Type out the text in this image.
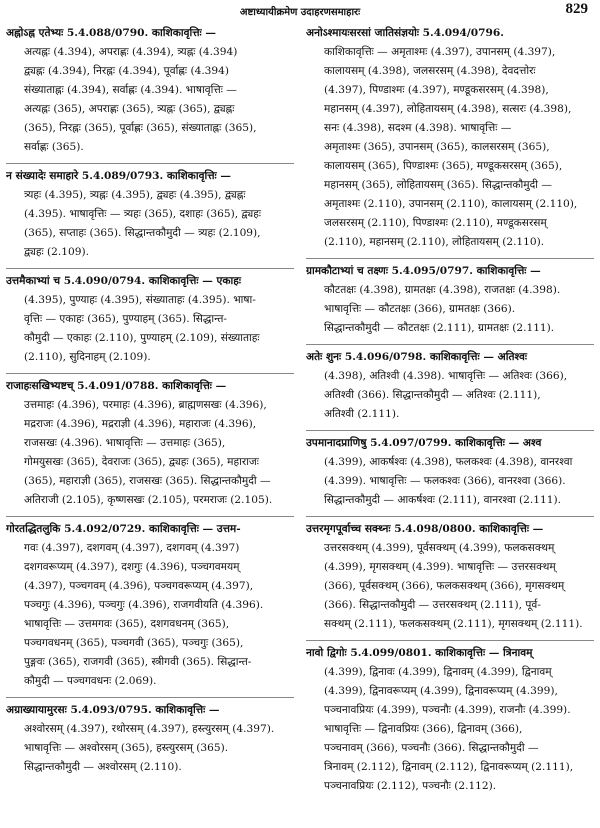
अष्टाध्यायीक्रमेण उदाहरणसमाहारः	829
अह्नोऽह्न एतेभ्यः 5.4.088/0790. काशिकावृत्तिः —
अत्यह्नः (4.394), अपराह्णः (4.394), त्र्यह्नः (4.394)
द्व्यह्नः (4.394), निरह्नः (4.394), पूर्वाह्णः (4.394)
संख्याताह्नः (4.394), सर्वाह्णः (4.394). भाषावृत्तिः —
अत्यह्नः (365), अपराह्णः (365), त्र्यह्नः (365), द्व्यह्नः
(365), निरह्नः (365), पूर्वाह्णः (365), संख्याताह्नः (365),
सर्वाह्णः (365).
न संख्यादेः समाहारे 5.4.089/0793. काशिकावृत्तिः —
त्र्यहः (4.395), त्र्यह्नः (4.395), द्व्यहः (4.395), द्व्यह्नः
(4.395). भाषावृत्तिः — त्र्यहः (365), दशाहः (365), द्व्यहः
(365), सप्ताहः (365). सिद्धान्तकौमुदी — त्र्यहः (2.109),
द्व्यहः (2.109).
उत्तमैकाभ्यां च 5.4.090/0794. काशिकावृत्तिः — एकाहः
(4.395), पुण्याहः (4.395), संख्याताहः (4.395). भाषा-
वृत्तिः — एकाहः (365), पुण्याहम् (365). सिद्धान्त-
कौमुदी — एकाहः (2.110), पुण्याहम् (2.109), संख्याताहः
(2.110), सुदिनाहम् (2.109).
राजाहःसखिभ्यष्टच् 5.4.091/0788. काशिकावृत्तिः —
उत्तमाहः (4.396), परमाहः (4.396), ब्राह्मणसखः (4.396),
मद्रराजः (4.396), मद्रराज्ञी (4.396), महाराजः (4.396),
राजसखः (4.396). भाषावृत्तिः — उत्तमाहः (365),
गोमयुसखः (365), देवराजः (365), द्व्यहः (365), महाराजः
(365), महाराज्ञी (365), राजसखः (365). सिद्धान्तकौमुदी —
अतिराजी (2.105), कृष्णसखः (2.105), परमराजः (2.105).
गोरतद्धितलुकि 5.4.092/0729. काशिकावृत्तिः — उत्तम-
गवः (4.397), दशगवम् (4.397), दशगवम् (4.397)
दशगवरूप्यम् (4.397), दशगुः (4.396), पञ्चगवमयम्
(4.397), पञ्चगवम् (4.396), पञ्चगवरूप्यम् (4.397),
पञ्चगुः (4.396), पञ्चगुः (4.396), राजगवीयति (4.396).
भाषावृत्तिः — उत्तमगवः (365), दशगवधनम् (365),
पञ्चगवधनम् (365), पञ्चगवी (365), पञ्चगुः (365),
पुङ्गवः (365), राजगवी (365), स्त्रीगवी (365). सिद्धान्त-
कौमुदी — पञ्चगवधनः (2.069).
अग्राख्यायामुरसः 5.4.093/0795. काशिकावृत्तिः —
अश्वोरसम् (4.397), रथोरसम् (4.397), हस्त्युरसम् (4.397).
भाषावृत्तिः — अश्वोरसम् (365), हस्त्युरसम् (365).
सिद्धान्तकौमुदी — अश्वोरसम् (2.110).
अनोऽश्मायःसरसां जातिसंज्ञयोः 5.4.094/0796.
काशिकावृत्तिः — अमृताश्मः (4.397), उपानसम् (4.397),
कालायसम् (4.398), जलसरसम् (4.398), देवदत्तोरः
(4.397), पिण्डाश्मः (4.397), मण्डूकसरसम् (4.398),
महानसम् (4.397), लोहितायसम् (4.398), सत्सरः (4.398),
सनः (4.398), सदश्म (4.398). भाषावृत्तिः —
अमृताश्मः (365), उपानसम् (365), कालसरसम् (365),
कालायसम् (365), पिण्डाश्मः (365), मण्डूकसरसम् (365),
महानसम् (365), लोहितायसम् (365). सिद्धान्तकौमुदी —
अमृताश्मः (2.110), उपानसम् (2.110), कालायसम् (2.110),
जलसरसम् (2.110), पिण्डाश्मः (2.110), मण्डूकसरसम्
(2.110), महानसम् (2.110), लोहितायसम् (2.110).
ग्रामकौटाभ्यां च तक्ष्णः 5.4.095/0797. काशिकावृत्तिः —
कौटतक्षः (4.398), ग्रामतक्षः (4.398), राजतक्षः (4.398).
भाषावृत्तिः — कौटतक्षः (366), ग्रामतक्षः (366).
सिद्धान्तकौमुदी — कौटतक्षः (2.111), ग्रामतक्षः (2.111).
अतेः शुनः 5.4.096/0798. काशिकावृत्तिः — अतिश्वः
(4.398), अतिश्वी (4.398). भाषावृत्तिः — अतिश्वः (366),
अतिश्वी (366). सिद्धान्तकौमुदी — अतिश्वः (2.111),
अतिश्वी (2.111).
उपमानादप्राणिषु 5.4.097/0799. काशिकावृत्तिः — अश्व
(4.399), आकर्षश्वः (4.398), फलकश्वः (4.398), वानरश्वा
(4.399). भाषावृत्तिः — फलकश्वः (366), वानरश्वा (366).
सिद्धान्तकौमुदी — आकर्षश्वः (2.111), वानरश्वा (2.111).
उत्तरमृगपूर्वाच्च सक्थ्नः 5.4.098/0800. काशिकावृत्तिः —
उत्तरसक्थम् (4.399), पूर्वसक्थम् (4.399), फलकसक्थम्
(4.399), मृगसक्थम् (4.399). भाषावृत्तिः — उत्तरसक्थम्
(366), पूर्वसक्थम् (366), फलकसक्थम् (366), मृगसक्थम्
(366). सिद्धान्तकौमुदी — उत्तरसक्थम् (2.111), पूर्व-
सक्थम् (2.111), फलकसक्थम् (2.111), मृगसक्थम् (2.111).
नावो द्विगोः 5.4.099/0801. काशिकावृत्तिः — त्रिनावम्
(4.399), द्विनावः (4.399), द्विनावम् (4.399), द्विनावम्
(4.399), द्विनावरूप्यम् (4.399), द्विनावरूप्यम् (4.399),
पञ्चनावप्रियः (4.399), पञ्चनौः (4.399), राजनौः (4.399).
भाषावृत्तिः — द्विनावप्रियः (366), द्विनावम् (366),
पञ्चनावम् (366), पञ्चनौः (366). सिद्धान्तकौमुदी —
त्रिनावम् (2.112), द्विनावम् (2.112), द्विनावरूप्यम् (2.111),
पञ्चनावप्रियः (2.112), पञ्चनौः (2.112).
